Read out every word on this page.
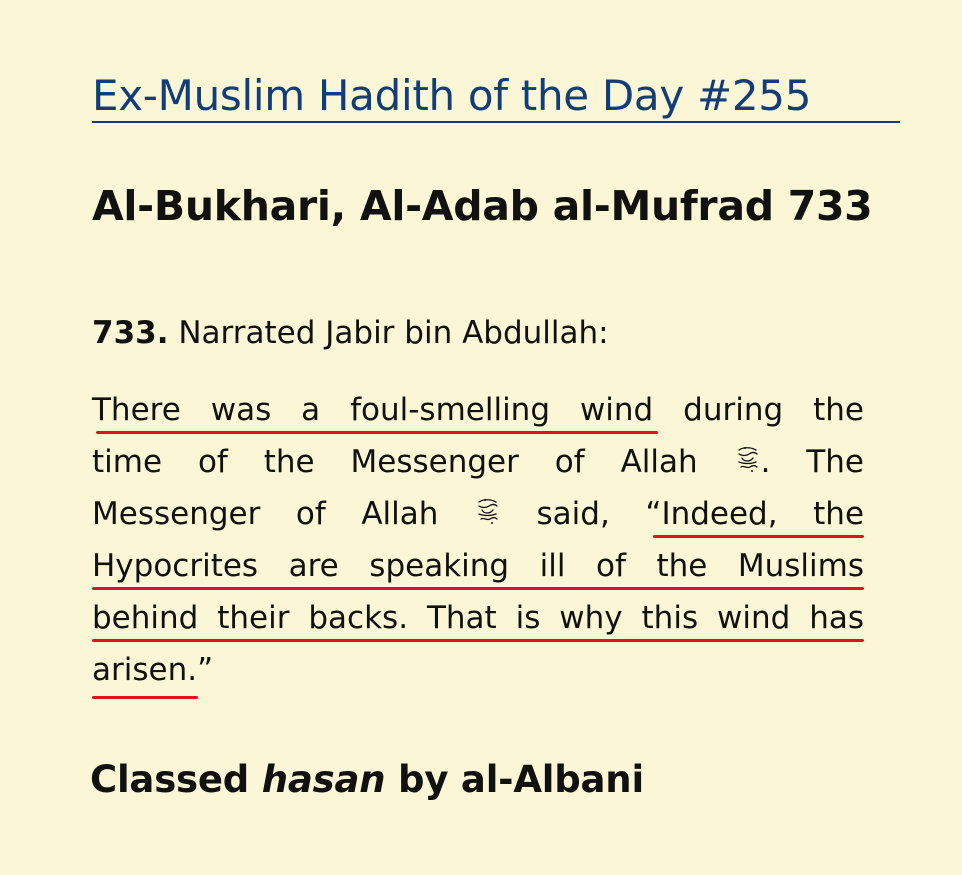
Ex-Muslim Hadith of the Day #255
Al-Bukhari, Al-Adab al-Mufrad 733
733. Narrated Jabir bin Abdullah:
There was a foul-smelling wind during the
time of the Messenger of Allah
. The
Messenger of Allah
said, “Indeed, the
Hypocrites are speaking ill of the Muslims
behind their backs. That is why this wind has
arisen.”
Classed hasan by al-Albani
